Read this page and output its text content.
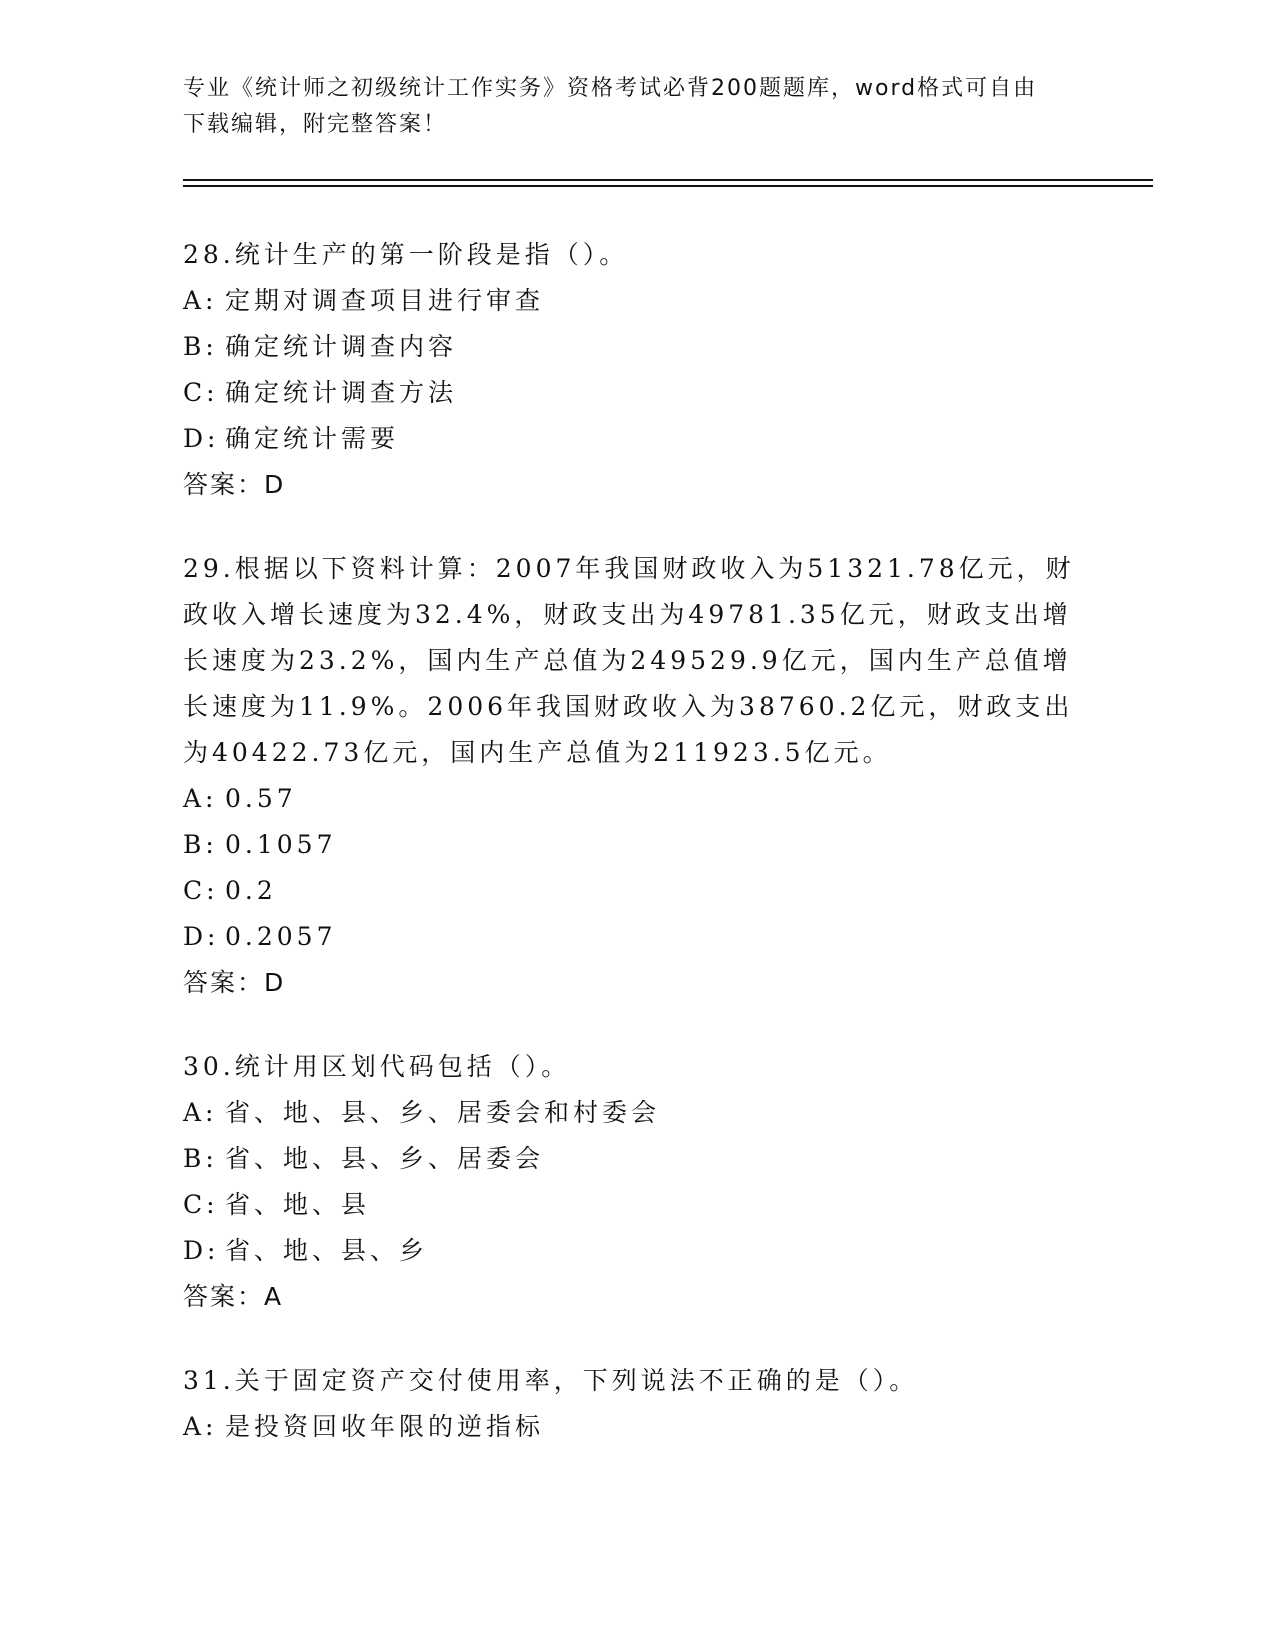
专业《统计师之初级统计工作实务》资格考试必背200题题库，word格式可自由
下载编辑，附完整答案！

28.统计生产的第一阶段是指（）。

A: 定期对调查项目进行审查

B: 确定统计调查内容

C: 确定统计调查方法

D: 确定统计需要

答案：D

29.根据以下资料计算：2007年我国财政收入为51321.78亿元，财政收入增长速度为32.4%，财政支出为49781.35亿元，财政支出增长速度为23.2%，国内生产总值为249529.9亿元，国内生产总值增长速度为11.9%。2006年我国财政收入为38760.2亿元，财政支出为40422.73亿元，国内生产总值为211923.5亿元。

A: 0.57

B: 0.1057

C: 0.2

D: 0.2057

答案：D

30.统计用区划代码包括（）。

A: 省、地、县、乡、居委会和村委会

B: 省、地、县、乡、居委会

C: 省、地、县

D: 省、地、县、乡

答案：A

31.关于固定资产交付使用率，下列说法不正确的是（）。

A: 是投资回收年限的逆指标
